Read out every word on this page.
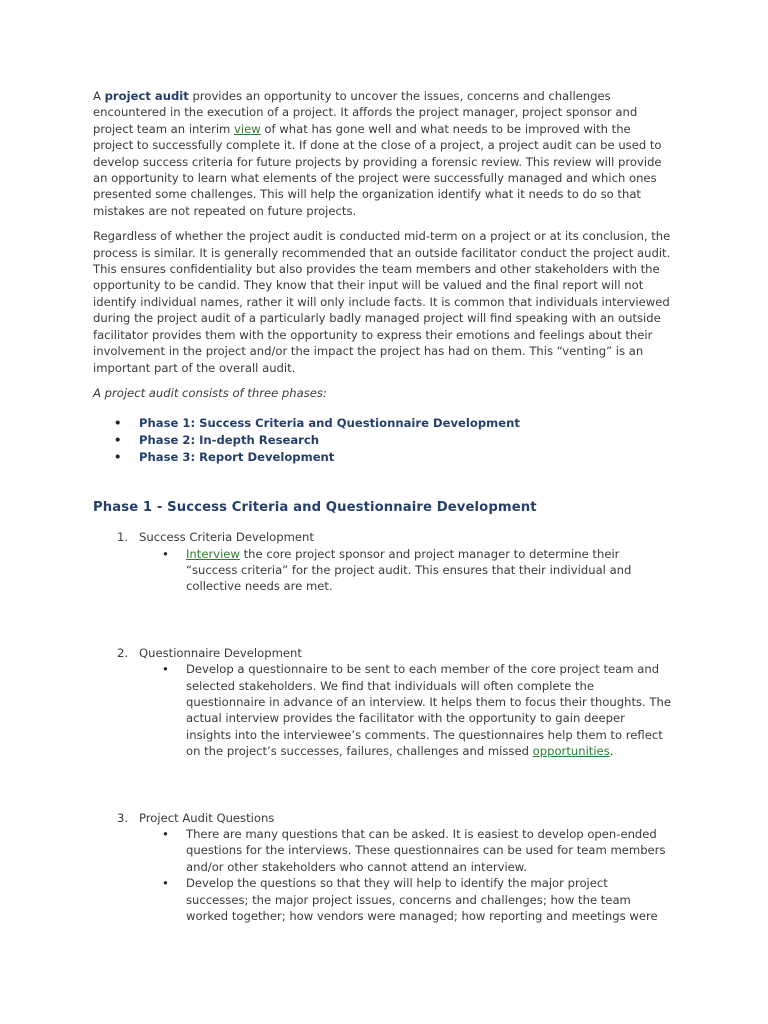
A project audit provides an opportunity to uncover the issues, concerns and challenges encountered in the execution of a project. It affords the project manager, project sponsor and project team an interim view of what has gone well and what needs to be improved with the project to successfully complete it. If done at the close of a project, a project audit can be used to develop success criteria for future projects by providing a forensic review. This review will provide an opportunity to learn what elements of the project were successfully managed and which ones presented some challenges. This will help the organization identify what it needs to do so that mistakes are not repeated on future projects.

Regardless of whether the project audit is conducted mid-term on a project or at its conclusion, the process is similar. It is generally recommended that an outside facilitator conduct the project audit. This ensures confidentiality but also provides the team members and other stakeholders with the opportunity to be candid. They know that their input will be valued and the final report will not identify individual names, rather it will only include facts. It is common that individuals interviewed during the project audit of a particularly badly managed project will find speaking with an outside facilitator provides them with the opportunity to express their emotions and feelings about their involvement in the project and/or the impact the project has had on them. This “venting” is an important part of the overall audit.

A project audit consists of three phases:

• Phase 1: Success Criteria and Questionnaire Development
• Phase 2: In-depth Research
• Phase 3: Report Development
Phase 1 - Success Criteria and Questionnaire Development
1. Success Criteria Development
• Interview the core project sponsor and project manager to determine their “success criteria” for the project audit. This ensures that their individual and collective needs are met.
2. Questionnaire Development
• Develop a questionnaire to be sent to each member of the core project team and selected stakeholders. We find that individuals will often complete the questionnaire in advance of an interview. It helps them to focus their thoughts. The actual interview provides the facilitator with the opportunity to gain deeper insights into the interviewee’s comments. The questionnaires help them to reflect on the project’s successes, failures, challenges and missed opportunities.
3. Project Audit Questions
• There are many questions that can be asked. It is easiest to develop open-ended questions for the interviews. These questionnaires can be used for team members and/or other stakeholders who cannot attend an interview.
• Develop the questions so that they will help to identify the major project successes; the major project issues, concerns and challenges; how the team worked together; how vendors were managed; how reporting and meetings were
